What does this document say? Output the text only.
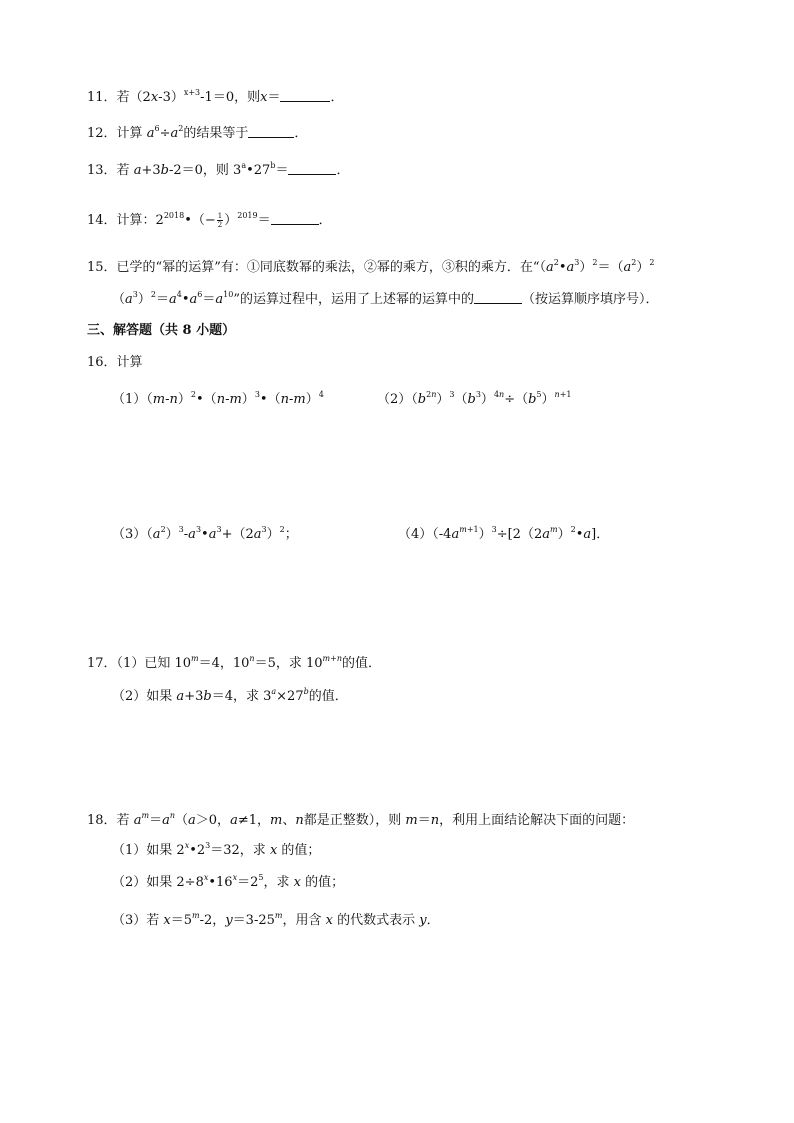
11．若$(2x-3)^{x+3}-1=0$，则x＝	．
12．计算 $a^6\div a^2$的结果等于	．
13．若 a+3b-2＝0，则 $3^a•27^b=$	．
14．计算：$2^{2018}•(- \frac{1}{2} )^{2019}=$	．
15．已学的“幂的运算”有：①同底数幂的乘法，②幂的乘方，③积的乘方．在“$(a^2•a^3)^2=(a^2)^2$
$(a^3)^2=a^4•a^6=a^{10}$”的运算过程中，运用了上述幂的运算中的	（按运算顺序填序号）．
三、解答题（共 8 小题）
16．计算
$(1)(m-n)^2•(n-m)^3•(n-m)^4$	$(2)(b^{2n})^3(b^3)^{4n}\div(b^5)^{n+1}$
$(3)(a^2)^3-a^3•a^3+(2a^3)^2$；	$(4)(-4a^{m+1})^3\div[2(2a^m)^2•a]$．
17．（1）已知 $10^m=4$，$10^n=5$，求 $10^{m+n}$的值．
（2）如果 a+3b＝4，求 $3^a\times 27^b$的值．
18．若 $a^m=a^n(a>0$，a≠1，m、n都是正整数），则 m＝n，利用上面结论解决下面的问题：
（1）如果 $2^x•2^3=32$，求 x 的值；
（2）如果 $2\div 8^x•16^x=2^5$，求 x 的值；
（3）若 $x=5^m-2$，$y=3-25^m$，用含 x 的代数式表示 y．
